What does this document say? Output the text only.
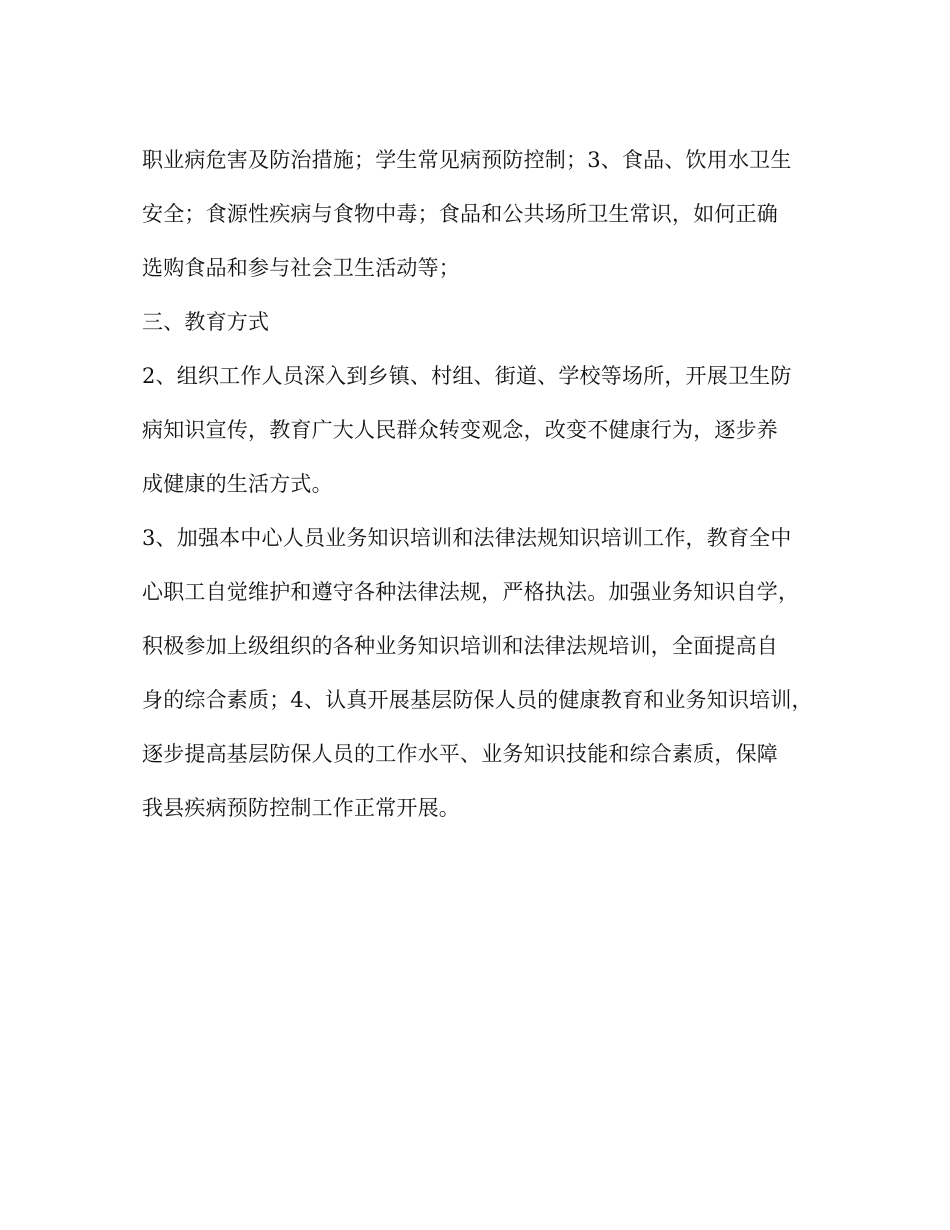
职业病危害及防治措施；学生常见病预防控制；3、食品、饮用水卫生
安全；食源性疾病与食物中毒；食品和公共场所卫生常识，如何正确
选购食品和参与社会卫生活动等；
三、教育方式
2、组织工作人员深入到乡镇、村组、街道、学校等场所，开展卫生防
病知识宣传，教育广大人民群众转变观念，改变不健康行为，逐步养
成健康的生活方式。
3、加强本中心人员业务知识培训和法律法规知识培训工作，教育全中
心职工自觉维护和遵守各种法律法规，严格执法。加强业务知识自学，
积极参加上级组织的各种业务知识培训和法律法规培训，全面提高自
身的综合素质；4、认真开展基层防保人员的健康教育和业务知识培训，
逐步提高基层防保人员的工作水平、业务知识技能和综合素质，保障
我县疾病预防控制工作正常开展。
